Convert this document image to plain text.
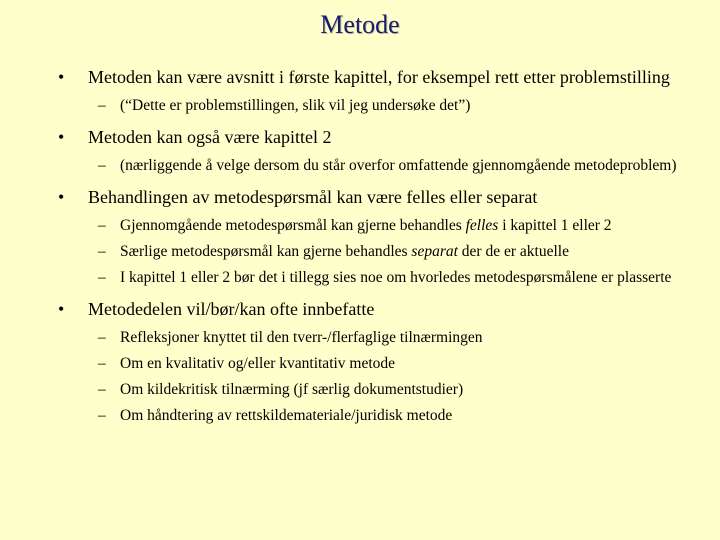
Metode
• Metoden kan være avsnitt i første kapittel, for eksempel rett etter problemstilling
– (“Dette er problemstillingen, slik vil jeg undersøke det”)
• Metoden kan også være kapittel 2
– (nærliggende å velge dersom du står overfor omfattende gjennomgående metodeproblem)
• Behandlingen av metodespørsmål kan være felles eller separat
– Gjennomgående metodespørsmål kan gjerne behandles felles i kapittel 1 eller 2
– Særlige metodespørsmål kan gjerne behandles separat der de er aktuelle
– I kapittel 1 eller 2 bør det i tillegg sies noe om hvorledes metodespørsmålene er plasserte
• Metodedelen vil/bør/kan ofte innbefatte
– Refleksjoner knyttet til den tverr-/flerfaglige tilnærmingen
– Om en kvalitativ og/eller kvantitativ metode
– Om kildekritisk tilnærming (jf særlig dokumentstudier)
– Om håndtering av rettskildemateriale/juridisk metode
